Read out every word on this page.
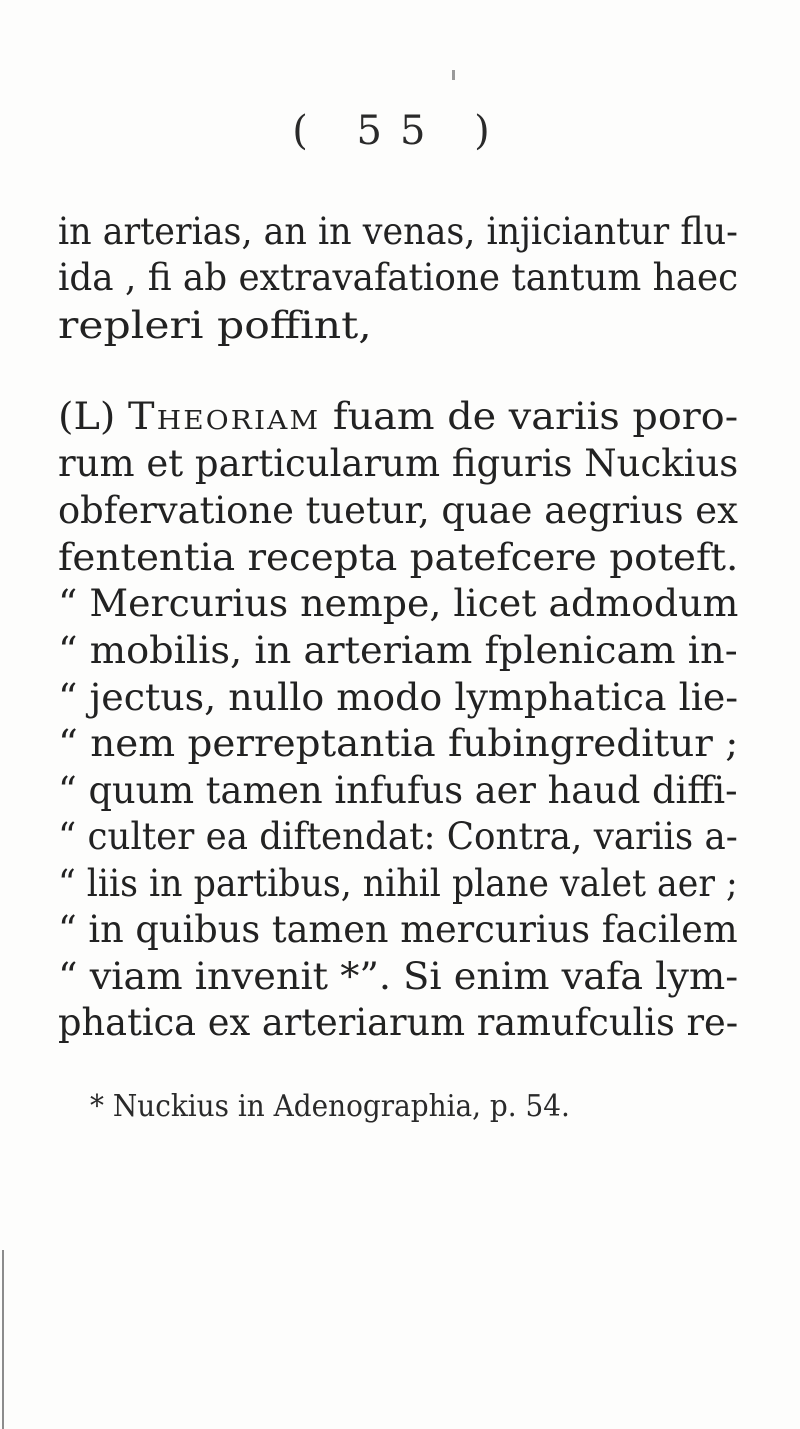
( 55 )
in arterias, an in venas, injiciantur flu-
ida , fi ab extravafatione tantum haec
repleri poffint,
(L) Theoriam fuam de variis poro-
rum et particularum figuris Nuckius
obfervatione tuetur, quae aegrius ex
fententia recepta patefcere poteft.
“ Mercurius nempe, licet admodum
“ mobilis, in arteriam fplenicam in-
“ jectus, nullo modo lymphatica lie-
“ nem perreptantia fubingreditur ;
“ quum tamen infufus aer haud diffi-
“ culter ea diftendat: Contra, variis a-
“ liis in partibus, nihil plane valet aer ;
“ in quibus tamen mercurius facilem
“ viam invenit *”. Si enim vafa lym-
phatica ex arteriarum ramufculis re-
* Nuckius in Adenographia, p. 54.
